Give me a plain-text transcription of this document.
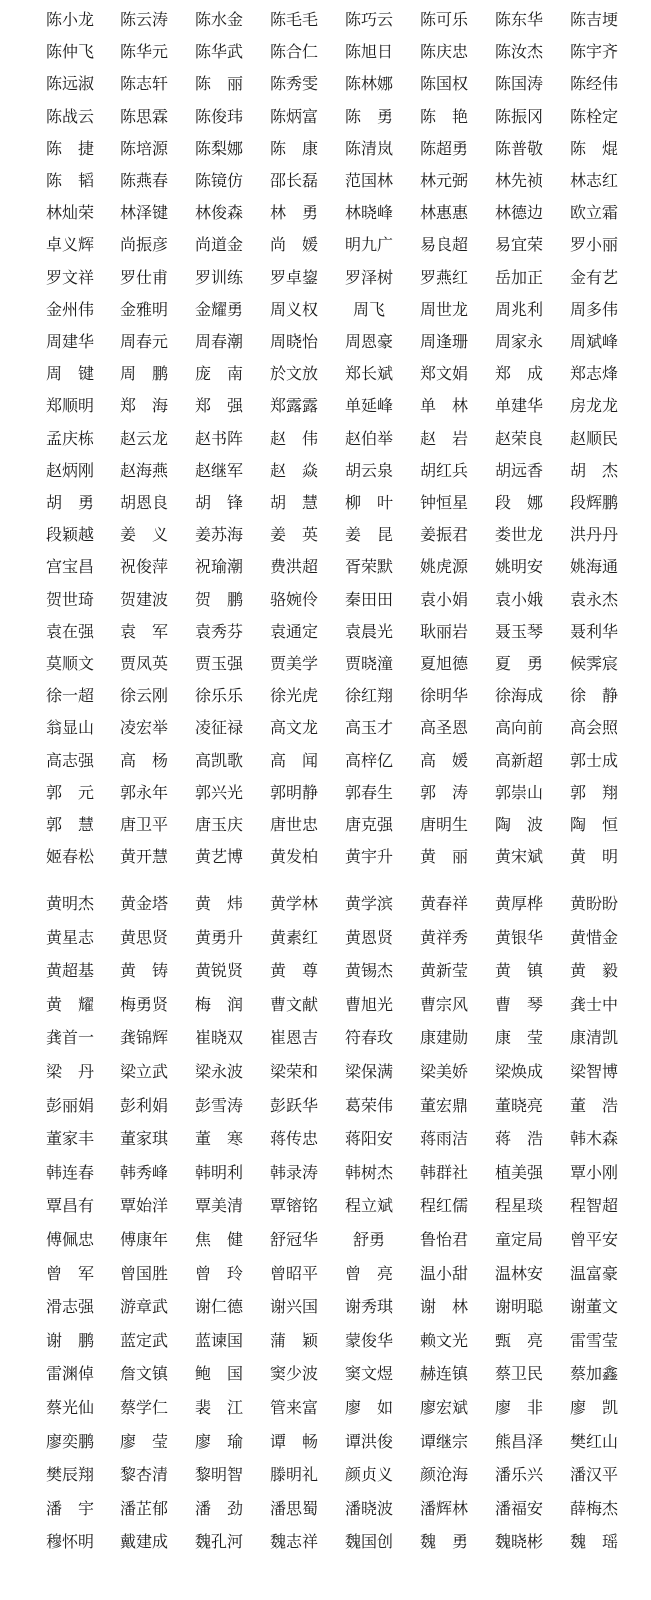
陈小龙	陈云涛	陈水金	陈毛毛	陈巧云	陈可乐	陈东华	陈吉埂
陈仲飞	陈华元	陈华武	陈合仁	陈旭日	陈庆忠	陈汝杰	陈宇齐
陈远淑	陈志轩	陈　丽	陈秀雯	陈林娜	陈国权	陈国涛	陈经伟
陈战云	陈思霖	陈俊玮	陈炳富	陈　勇	陈　艳	陈振冈	陈栓定
陈　捷	陈培源	陈梨娜	陈　康	陈清岚	陈超勇	陈普敬	陈　焜
陈　韬	陈燕春	陈镜仿	邵长磊	范国林	林元弼	林先祯	林志红
林灿荣	林泽键	林俊森	林　勇	林晓峰	林惠惠	林德边	欧立霜
卓义辉	尚振彦	尚道金	尚　媛	明九广	易良超	易宜荣	罗小丽
罗文祥	罗仕甫	罗训练	罗卓鋆	罗泽树	罗燕红	岳加正	金有艺
金州伟	金雅明	金耀勇	周义权	周飞	周世龙	周兆利	周多伟
周建华	周春元	周春潮	周晓怡	周恩豪	周逢珊	周家永	周斌峰
周　键	周　鹏	庞　南	於文放	郑长斌	郑文娟	郑　成	郑志烽
郑顺明	郑　海	郑　强	郑露露	单延峰	单　林	单建华	房龙龙
孟庆栋	赵云龙	赵书阵	赵　伟	赵伯举	赵　岩	赵荣良	赵顺民
赵炳刚	赵海燕	赵继军	赵　焱	胡云泉	胡红兵	胡远香	胡　杰
胡　勇	胡恩良	胡　锋	胡　慧	柳　叶	钟恒星	段　娜	段辉鹏
段颖越	姜　义	姜苏海	姜　英	姜　昆	姜振君	娄世龙	洪丹丹
宫宝昌	祝俊萍	祝瑜潮	费洪超	胥荣默	姚虎源	姚明安	姚海通
贺世琦	贺建波	贺　鹏	骆婉伶	秦田田	袁小娟	袁小娥	袁永杰
袁在强	袁　军	袁秀芬	袁通定	袁晨光	耿丽岩	聂玉琴	聂利华
莫顺文	贾凤英	贾玉强	贾美学	贾晓潼	夏旭德	夏　勇	候霁宸
徐一超	徐云刚	徐乐乐	徐光虎	徐红翔	徐明华	徐海成	徐　静
翁显山	凌宏举	凌征禄	高文龙	高玉才	高圣恩	高向前	高会照
高志强	高　杨	高凯歌	高　闻	高梓亿	高　媛	高新超	郭士成
郭　元	郭永年	郭兴光	郭明静	郭春生	郭　涛	郭崇山	郭　翔
郭　慧	唐卫平	唐玉庆	唐世忠	唐克强	唐明生	陶　波	陶　恒
姬春松	黄开慧	黄艺博	黄发柏	黄宇升	黄　丽	黄宋斌	黄　明
黄明杰	黄金塔	黄　炜	黄学林	黄学滨	黄春祥	黄厚桦	黄盼盼
黄星志	黄思贤	黄勇升	黄素红	黄恩贤	黄祥秀	黄银华	黄惜金
黄超基	黄　铸	黄锐贤	黄　尊	黄锡杰	黄新莹	黄　镇	黄　毅
黄　耀	梅勇贤	梅　润	曹文献	曹旭光	曹宗风	曹　琴	龚士中
龚首一	龚锦辉	崔晓双	崔恩吉	符春玫	康建勋	康　莹	康清凯
梁　丹	梁立武	梁永波	梁荣和	梁保满	梁美娇	梁焕成	梁智博
彭丽娟	彭利娟	彭雪涛	彭跃华	葛荣伟	董宏鼎	董晓亮	董　浩
董家丰	董家琪	董　寒	蒋传忠	蒋阳安	蒋雨洁	蒋　浩	韩木森
韩连春	韩秀峰	韩明利	韩录涛	韩树杰	韩群社	植美强	覃小刚
覃昌有	覃始洋	覃美清	覃镕铭	程立斌	程红儒	程星琰	程智超
傅佩忠	傅康年	焦　健	舒冠华	舒勇	鲁怡君	童定局	曾平安
曾　军	曾国胜	曾　玲	曾昭平	曾　亮	温小甜	温林安	温富豪
滑志强	游章武	谢仁德	谢兴国	谢秀琪	谢　林	谢明聪	谢董文
谢　鹏	蓝定武	蓝谏国	蒲　颖	蒙俊华	赖文光	甄　亮	雷雪莹
雷渊倬	詹文镇	鲍　国	窦少波	窦文煜	赫连镇	蔡卫民	蔡加鑫
蔡光仙	蔡学仁	裴　江	管来富	廖　如	廖宏斌	廖　非	廖　凯
廖奕鹏	廖　莹	廖　瑜	谭　畅	谭洪俊	谭继宗	熊昌泽	樊红山
樊辰翔	黎杏清	黎明智	滕明礼	颜贞义	颜沧海	潘乐兴	潘汉平
潘　宇	潘芷郁	潘　劲	潘思蜀	潘晓波	潘辉林	潘福安	薛梅杰
穆怀明	戴建成	魏孔河	魏志祥	魏国创	魏　勇	魏晓彬	魏　瑶
